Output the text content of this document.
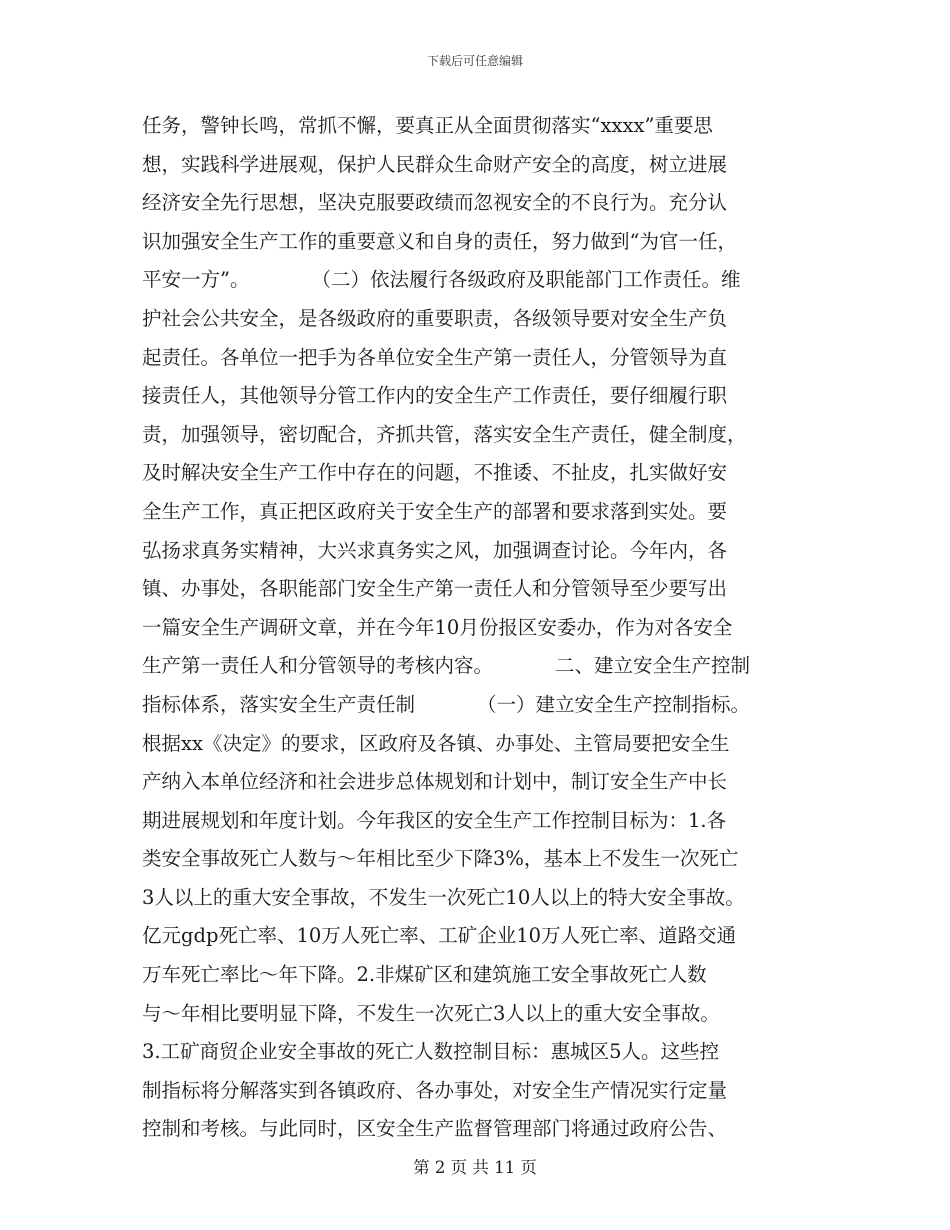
下载后可任意编辑
任务，警钟长鸣，常抓不懈，要真正从全面贯彻落实“xxxx”重要思
想，实践科学进展观，保护人民群众生命财产安全的高度，树立进展
经济安全先行思想，坚决克服要政绩而忽视安全的不良行为。充分认
识加强安全生产工作的重要意义和自身的责任，努力做到“为官一任，
平安一方”。          （二）依法履行各级政府及职能部门工作责任。维
护社会公共安全，是各级政府的重要职责，各级领导要对安全生产负
起责任。各单位一把手为各单位安全生产第一责任人，分管领导为直
接责任人，其他领导分管工作内的安全生产工作责任，要仔细履行职
责，加强领导，密切配合，齐抓共管，落实安全生产责任，健全制度，
及时解决安全生产工作中存在的问题，不推诿、不扯皮，扎实做好安
全生产工作，真正把区政府关于安全生产的部署和要求落到实处。要
弘扬求真务实精神，大兴求真务实之风，加强调查讨论。今年内，各
镇、办事处，各职能部门安全生产第一责任人和分管领导至少要写出
一篇安全生产调研文章，并在今年10月份报区安委办，作为对各安全
生产第一责任人和分管领导的考核内容。          二、建立安全生产控制
指标体系，落实安全生产责任制          （一）建立安全生产控制指标。
根据xx《决定》的要求，区政府及各镇、办事处、主管局要把安全生
产纳入本单位经济和社会进步总体规划和计划中，制订安全生产中长
期进展规划和年度计划。今年我区的安全生产工作控制目标为：1.各
类安全事故死亡人数与～年相比至少下降3%，基本上不发生一次死亡
3人以上的重大安全事故，不发生一次死亡10人以上的特大安全事故。
亿元gdp死亡率、10万人死亡率、工矿企业10万人死亡率、道路交通
万车死亡率比～年下降。2.非煤矿区和建筑施工安全事故死亡人数
与～年相比要明显下降，不发生一次死亡3人以上的重大安全事故。
3.工矿商贸企业安全事故的死亡人数控制目标：惠城区5人。这些控
制指标将分解落实到各镇政府、各办事处，对安全生产情况实行定量
控制和考核。与此同时，区安全生产监督管理部门将通过政府公告、
第 2 页 共 11 页
